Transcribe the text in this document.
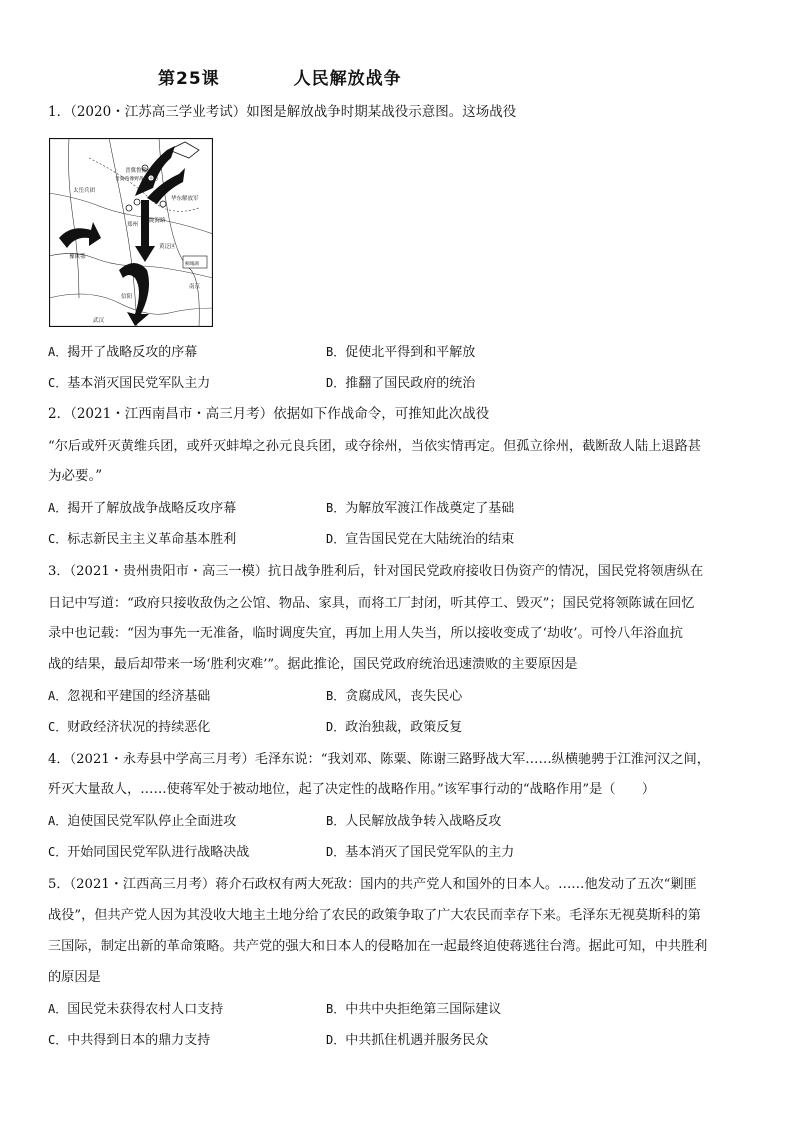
第25课	人民解放战争
1．（2020・江苏高三学业考试）如图是解放战争时期某战役示意图。这场战役
晋冀鲁豫
太岳兵团
晋冀鲁豫野战军主力
华东解放军
豫陕鄂
郑州
陇海路
黄泛区
信阳
武汉
南京
桐城湖
A．揭开了战略反攻的序幕	B．促使北平得到和平解放
C．基本消灭国民党军队主力	D．推翻了国民政府的统治
2．（2021・江西南昌市・高三月考）依据如下作战命令，可推知此次战役
“尔后或歼灭黄维兵团，或歼灭蚌埠之孙元良兵团，或夺徐州，当依实情再定。但孤立徐州，截断敌人陆上退路甚
为必要。”
A．揭开了解放战争战略反攻序幕	B．为解放军渡江作战奠定了基础
C．标志新民主主义革命基本胜利	D．宣告国民党在大陆统治的结束
3．（2021・贵州贵阳市・高三一模）抗日战争胜利后，针对国民党政府接收日伪资产的情况，国民党将领唐纵在
日记中写道：“政府只接收敌伪之公馆、物品、家具，而将工厂封闭，听其停工、毁灭”；国民党将领陈诚在回忆
录中也记载：“因为事先一无准备，临时调度失宜，再加上用人失当，所以接收变成了‘劫收’。可怜八年浴血抗
战的结果，最后却带来一场‘胜利灾难’”。据此推论，国民党政府统治迅速溃败的主要原因是
A．忽视和平建国的经济基础	B．贪腐成风，丧失民心
C．财政经济状况的持续恶化	D．政治独裁，政策反复
4．（2021・永寿县中学高三月考）毛泽东说：“我刘邓、陈粟、陈谢三路野战大军……纵横驰骋于江淮河汉之间，
歼灭大量敌人，……使蒋军处于被动地位，起了决定性的战略作用。”该军事行动的“战略作用”是（　　）
A．迫使国民党军队停止全面进攻	B．人民解放战争转入战略反攻
C．开始同国民党军队进行战略决战	D．基本消灭了国民党军队的主力
5．（2021・江西高三月考）蒋介石政权有两大死敌：国内的共产党人和国外的日本人。……他发动了五次“剿匪
战役”，但共产党人因为其没收大地主土地分给了农民的政策争取了广大农民而幸存下来。毛泽东无视莫斯科的第
三国际，制定出新的革命策略。共产党的强大和日本人的侵略加在一起最终迫使蒋逃往台湾。据此可知，中共胜利
的原因是
A．国民党未获得农村人口支持	B．中共中央拒绝第三国际建议
C．中共得到日本的鼎力支持	D．中共抓住机遇并服务民众
